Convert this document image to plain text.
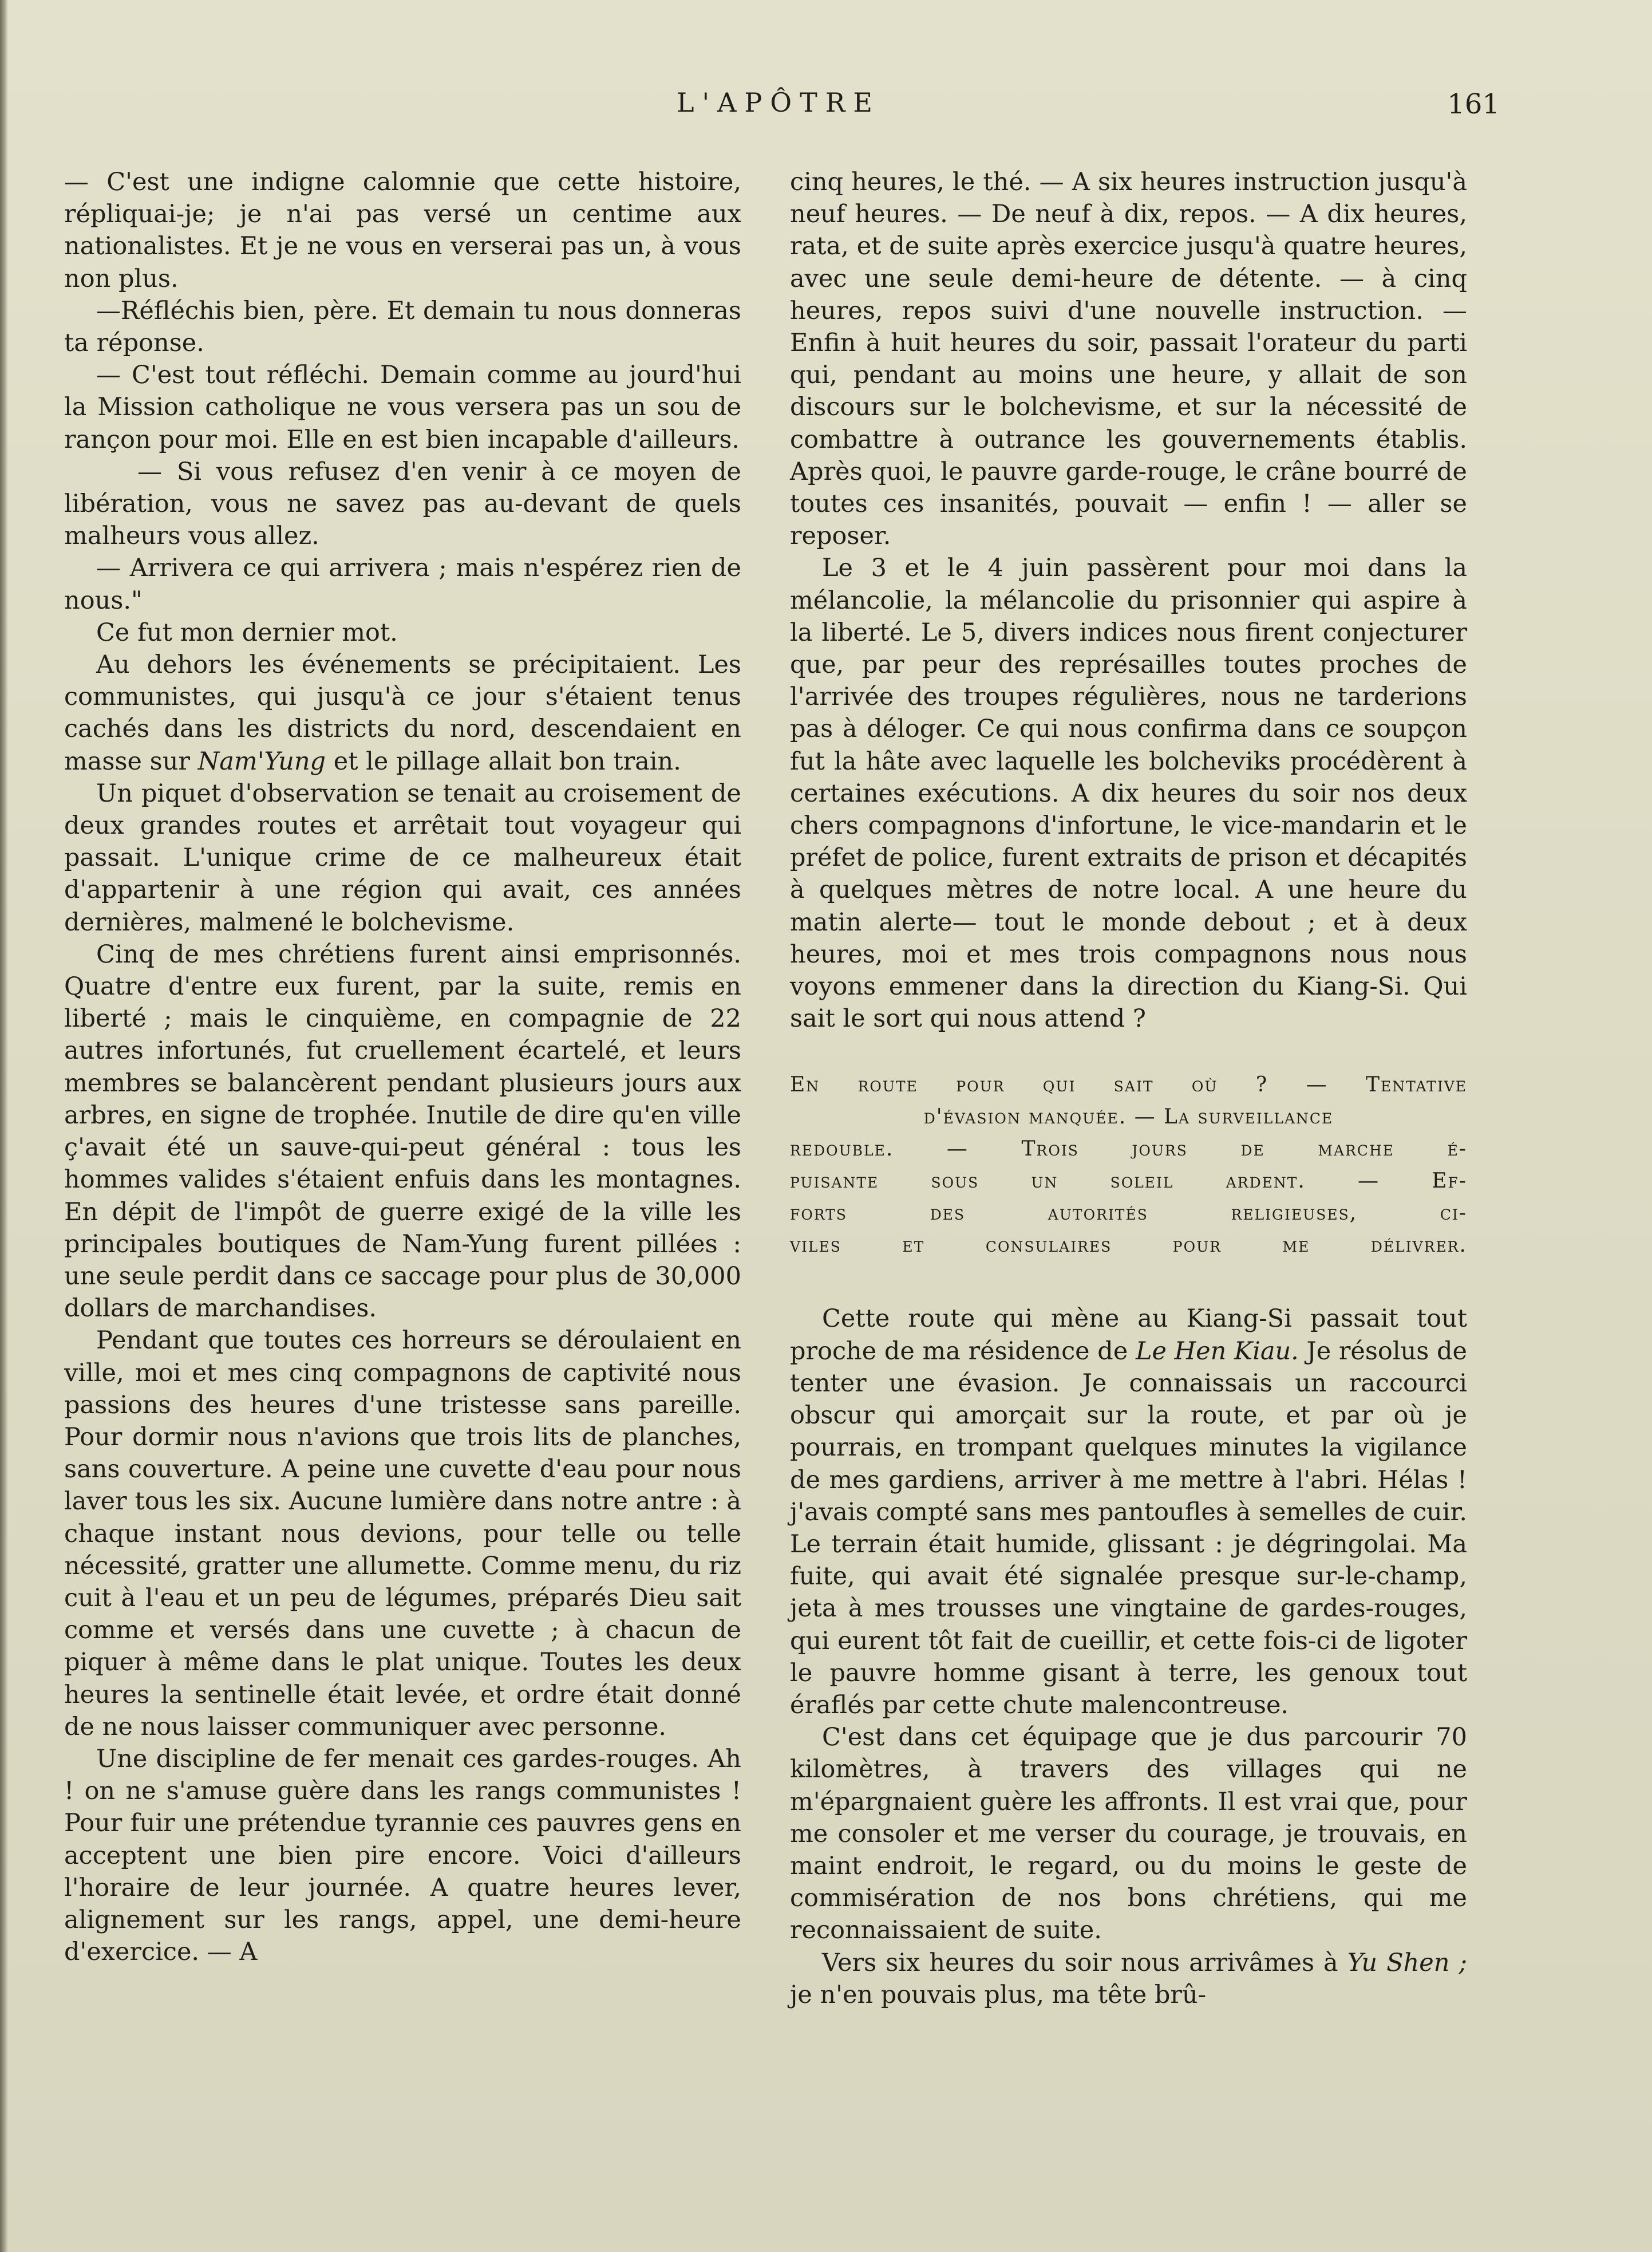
L'APÔTRE	161

— C'est une indigne calomnie que cette histoire, répliquai-je; je n'ai pas versé un centime aux nationalistes. Et je ne vous en verserai pas un, à vous non plus.

—Réfléchis bien, père. Et demain tu nous donneras ta réponse.

— C'est tout réfléchi. Demain comme au jourd'hui la Mission catholique ne vous versera pas un sou de rançon pour moi. Elle en est bien incapable d'ailleurs.

— Si vous refusez d'en venir à ce moyen de libération, vous ne savez pas au-devant de quels malheurs vous allez.

— Arrivera ce qui arrivera ; mais n'espérez rien de nous."

Ce fut mon dernier mot.

Au dehors les événements se précipitaient. Les communistes, qui jusqu'à ce jour s'étaient tenus cachés dans les districts du nord, descendaient en masse sur Nam'Yung et le pillage allait bon train.

Un piquet d'observation se tenait au croisement de deux grandes routes et arrêtait tout voyageur qui passait. L'unique crime de ce malheureux était d'appartenir à une région qui avait, ces années dernières, malmené le bolchevisme.

Cinq de mes chrétiens furent ainsi emprisonnés. Quatre d'entre eux furent, par la suite, remis en liberté ; mais le cinquième, en compagnie de 22 autres infortunés, fut cruellement écartelé, et leurs membres se balancèrent pendant plusieurs jours aux arbres, en signe de trophée. Inutile de dire qu'en ville ç'avait été un sauve-qui-peut général : tous les hommes valides s'étaient enfuis dans les montagnes. En dépit de l'impôt de guerre exigé de la ville les principales boutiques de Nam-Yung furent pillées : une seule perdit dans ce saccage pour plus de 30,000 dollars de marchandises.

Pendant que toutes ces horreurs se déroulaient en ville, moi et mes cinq compagnons de captivité nous passions des heures d'une tristesse sans pareille. Pour dormir nous n'avions que trois lits de planches, sans couverture. A peine une cuvette d'eau pour nous laver tous les six. Aucune lumière dans notre antre : à chaque instant nous devions, pour telle ou telle nécessité, gratter une allumette. Comme menu, du riz cuit à l'eau et un peu de légumes, préparés Dieu sait comme et versés dans une cuvette ; à chacun de piquer à même dans le plat unique. Toutes les deux heures la sentinelle était levée, et ordre était donné de ne nous laisser communiquer avec personne.

Une discipline de fer menait ces gardes-rouges. Ah ! on ne s'amuse guère dans les rangs communistes ! Pour fuir une prétendue tyrannie ces pauvres gens en acceptent une bien pire encore. Voici d'ailleurs l'horaire de leur journée. A quatre heures lever, alignement sur les rangs, appel, une demi-heure d'exercice. — A

cinq heures, le thé. — A six heures instruction jusqu'à neuf heures. — De neuf à dix, repos. — A dix heures, rata, et de suite après exercice jusqu'à quatre heures, avec une seule demi-heure de détente. — à cinq heures, repos suivi d'une nouvelle instruction. — Enfin à huit heures du soir, passait l'orateur du parti qui, pendant au moins une heure, y allait de son discours sur le bolchevisme, et sur la nécessité de combattre à outrance les gouvernements établis. Après quoi, le pauvre garde-rouge, le crâne bourré de toutes ces insanités, pouvait — enfin ! — aller se reposer.

Le 3 et le 4 juin passèrent pour moi dans la mélancolie, la mélancolie du prisonnier qui aspire à la liberté. Le 5, divers indices nous firent conjecturer que, par peur des représailles toutes proches de l'arrivée des troupes régulières, nous ne tarderions pas à déloger. Ce qui nous confirma dans ce soupçon fut la hâte avec laquelle les bolcheviks procédèrent à certaines exécutions. A dix heures du soir nos deux chers compagnons d'infortune, le vice-mandarin et le préfet de police, furent extraits de prison et décapités à quelques mètres de notre local. A une heure du matin alerte— tout le monde debout ; et à deux heures, moi et mes trois compagnons nous nous voyons emmener dans la direction du Kiang-Si. Qui sait le sort qui nous attend ?

En route pour qui sait où ? — Tentative
d'évasion manquée. — La surveillance
redouble. — Trois jours de marche é-
puisante sous un soleil ardent. — Ef-
forts des autorités religieuses, ci-
viles et consulaires pour me délivrer.

Cette route qui mène au Kiang-Si passait tout proche de ma résidence de Le Hen Kiau. Je résolus de tenter une évasion. Je connaissais un raccourci obscur qui amorçait sur la route, et par où je pourrais, en trompant quelques minutes la vigilance de mes gardiens, arriver à me mettre à l'abri. Hélas ! j'avais compté sans mes pantoufles à semelles de cuir. Le terrain était humide, glissant : je dégringolai. Ma fuite, qui avait été signalée presque sur-le-champ, jeta à mes trousses une vingtaine de gardes-rouges, qui eurent tôt fait de cueillir, et cette fois-ci de ligoter le pauvre homme gisant à terre, les genoux tout éraflés par cette chute malencontreuse.

C'est dans cet équipage que je dus parcourir 70 kilomètres, à travers des villages qui ne m'épargnaient guère les affronts. Il est vrai que, pour me consoler et me verser du courage, je trouvais, en maint endroit, le regard, ou du moins le geste de commisération de nos bons chrétiens, qui me reconnaissaient de suite.

Vers six heures du soir nous arrivâmes à Yu Shen ; je n'en pouvais plus, ma tête brû-
